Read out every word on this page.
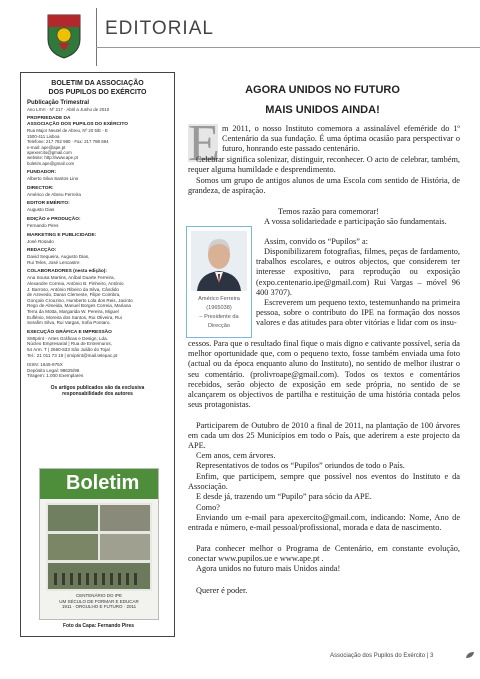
EDITORIAL
BOLETIM DA ASSOCIAÇÃO
DOS PUPILOS DO EXÉRCITO
Publicação Trimestral
Ano LXVI · Nº 217 · Abril a Junho de 2010
PROPRIEDADE DA
ASSOCIAÇÃO DOS PUPILOS DO EXÉRCITO
Rua Major Neutel de Abreu, Nº 20 5/E - E
1500-411 Lisboa
Telefone: 217 782 980 · Fax: 217 788 694
e-mail: ape@ape.pt
apexercito@gmail.com
website: http://www.ape.pt
boletim.ape@gmail.com
FUNDADOR:
Alberto Silva Santos Lino
DIRECTOR:
Américo de Abreu Ferreira
EDITOR EMÉRITO:
Augusto Dias
EDIÇÃO e PRODUÇÃO:
Fernando Pires
MARKETING E PUBLICIDADE:
José Rosado
REDACÇÃO:
David Sequeira, Augusto Dias,
Rui Teles, José Lencastre
COLABORADORES (nesta edição):
Ana Sousa Martins, Aníbal Duarte Ferreira,
Alexandre Correia, António B. Pinheiro, António
J. Barroso, António Ribeiro da Silva, Cândido
de Azevedo, Daran Clemente, Filipe Coimbra,
Gonçalo Crouzino, Humberto Lola dos Reis, Jacinto
Rego de Almeida, Manuel Borges Correia, Mariana
Terra da Motta, Margarida W. Pereira, Miguel
Euflénio, Moreira dos Santos, Rui Oliveira, Rui
Serafim Silva, Rui Vargas, Sofia Pontaro.
EXECUÇÃO GRÁFICA E IMPRESSÃO
SMIprint - Artes Gráficas e Design, Lda.
Núcleo Empresarial | Rua de Entremuros,
54 Arm. T | 2660-533 São Julião do Tojal
Tel.: 21 011 73 19 | smiprint@mail.telepac.pt
ISSN: 1645-975X
Depósito Legal: 98625/96
Tiragem: 1.000 Exemplares
Os artigos publicados são da exclusiva
responsabilidade dos autores
Boletim
CENTENÁRIO DO IPE
UM SÉCULO DE FORMAR E EDUCAR
1911 · ORGULHO E FUTURO · 2011
Foto da Capa: Fernando Pires
AGORA UNIDOS NO FUTURO
MAIS UNIDOS AINDA!
E m 2011, o nosso Instituto comemora a assinalável efeméride do 1º Centenário da sua fundação. É uma óptima ocasião para perspectivar o futuro, honrando este passado centenário.
Celebrar significa solenizar, distinguir, reconhecer. O acto de celebrar, também, requer alguma humildade e desprendimento.
Somos um grupo de antigos alunos de uma Escola com sentido de História, de grandeza, de aspiração.
Américo Ferreira
(1965038)
– Presidente da
Direcção
Temos razão para comemorar!
A vossa solidariedade e participação são fundamentais.
Assim, convido os “Pupilos” a:
Disponibilizarem fotografias, filmes, peças de fardamento, trabalhos escolares, e outros objectos, que considerem ter interesse expositivo, para reprodução ou exposição (expo.centenario.ipe@gmail.com) Rui Vargas – móvel 96 400 3707).
Escreverem um pequeno texto, testemunhando na primeira pessoa, sobre o contributo do IPE na formação dos nossos valores e das atitudes para obter vitórias e lidar com os insu-
cessos. Para que o resultado final fique o mais digno e cativante possível, seria da melhor oportunidade que, com o pequeno texto, fosse também enviada uma foto (actual ou da época enquanto aluno do Instituto), no sentido de melhor ilustrar o seu comentário. (prolivroape@gmail.com). Todos os textos e comentários recebidos, serão objecto de exposição em sede própria, no sentido de se alcançarem os objectivos de partilha e restituição de uma história contada pelos seus protagonistas.
Participarem de Outubro de 2010 a final de 2011, na plantação de 100 árvores em cada um dos 25 Municípios em todo o País, que aderirem a este projecto da APE.
Cem anos, cem árvores.
Representativos de todos os “Pupilos” oriundos de todo o País.
Enfim, que participem, sempre que possível nos eventos do Instituto e da Associação.
E desde já, trazendo um “Pupilo” para sócio da APE.
Como?
Enviando um e-mail para apexercito@gmail.com, indicando: Nome, Ano de entrada e número, e-mail pessoal/profissional, morada e data de nascimento.
Para conhecer melhor o Programa de Centenário, em constante evolução, conectar www.pupilos.ue e www.ape.pt .
Agora unidos no futuro mais Unidos ainda!
Querer é poder.
Associação dos Pupilos do Exército | 3
